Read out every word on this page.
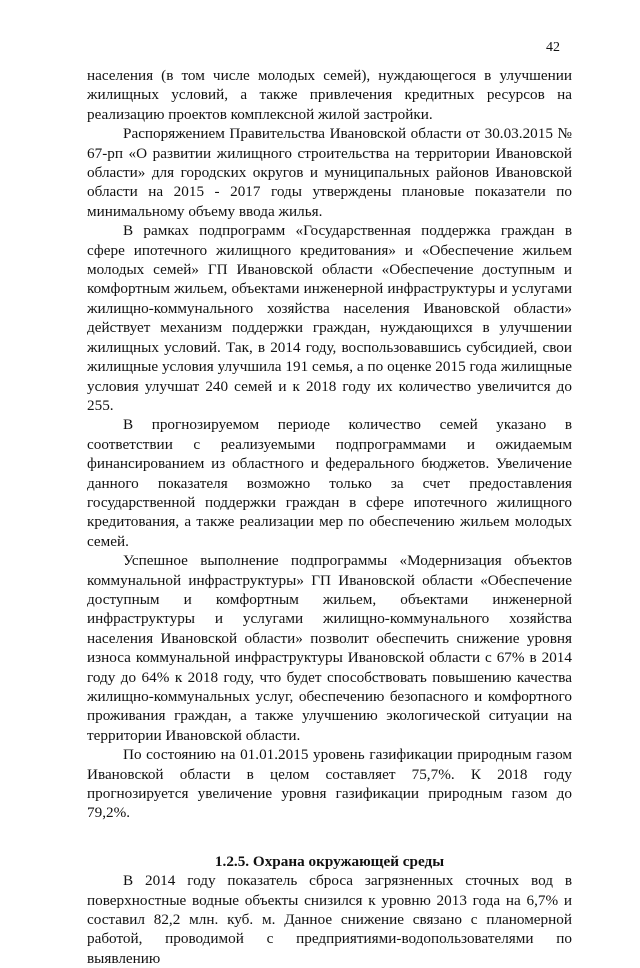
42

населения (в том числе молодых семей), нуждающегося в улучшении жилищных условий, а также привлечения кредитных ресурсов на реализацию проектов комплексной жилой застройки.

Распоряжением Правительства Ивановской области от 30.03.2015 № 67-рп «О развитии жилищного строительства на территории Ивановской области» для городских округов и муниципальных районов Ивановской области на 2015 - 2017 годы утверждены плановые показатели по минимальному объему ввода жилья.

В рамках подпрограмм «Государственная поддержка граждан в сфере ипотечного жилищного кредитования» и «Обеспечение жильем молодых семей» ГП Ивановской области «Обеспечение доступным и комфортным жильем, объектами инженерной инфраструктуры и услугами жилищно-коммунального хозяйства населения Ивановской области» действует механизм поддержки граждан, нуждающихся в улучшении жилищных условий. Так, в 2014 году, воспользовавшись субсидией, свои жилищные условия улучшила 191 семья, а по оценке 2015 года жилищные условия улучшат 240 семей и к 2018 году их количество увеличится до 255.

В прогнозируемом периоде количество семей указано в соответствии с реализуемыми подпрограммами и ожидаемым финансированием из областного и федерального бюджетов. Увеличение данного показателя возможно только за счет предоставления государственной поддержки граждан в сфере ипотечного жилищного кредитования, а также реализации мер по обеспечению жильем молодых семей.

Успешное выполнение подпрограммы «Модернизация объектов коммунальной инфраструктуры» ГП Ивановской области «Обеспечение доступным и комфортным жильем, объектами инженерной инфраструктуры и услугами жилищно-коммунального хозяйства населения Ивановской области» позволит обеспечить снижение уровня износа коммунальной инфраструктуры Ивановской области с 67% в 2014 году до 64% к 2018 году, что будет способствовать повышению качества жилищно-коммунальных услуг, обеспечению безопасного и комфортного проживания граждан, а также улучшению экологической ситуации на территории Ивановской области.

По состоянию на 01.01.2015 уровень газификации природным газом Ивановской области в целом составляет 75,7%. К 2018 году прогнозируется увеличение уровня газификации природным газом до 79,2%.

1.2.5. Охрана окружающей среды

В 2014 году показатель сброса загрязненных сточных вод в поверхностные водные объекты снизился к уровню 2013 года на 6,7% и составил 82,2 млн. куб. м. Данное снижение связано с планомерной работой, проводимой с предприятиями-водопользователями по выявлению
